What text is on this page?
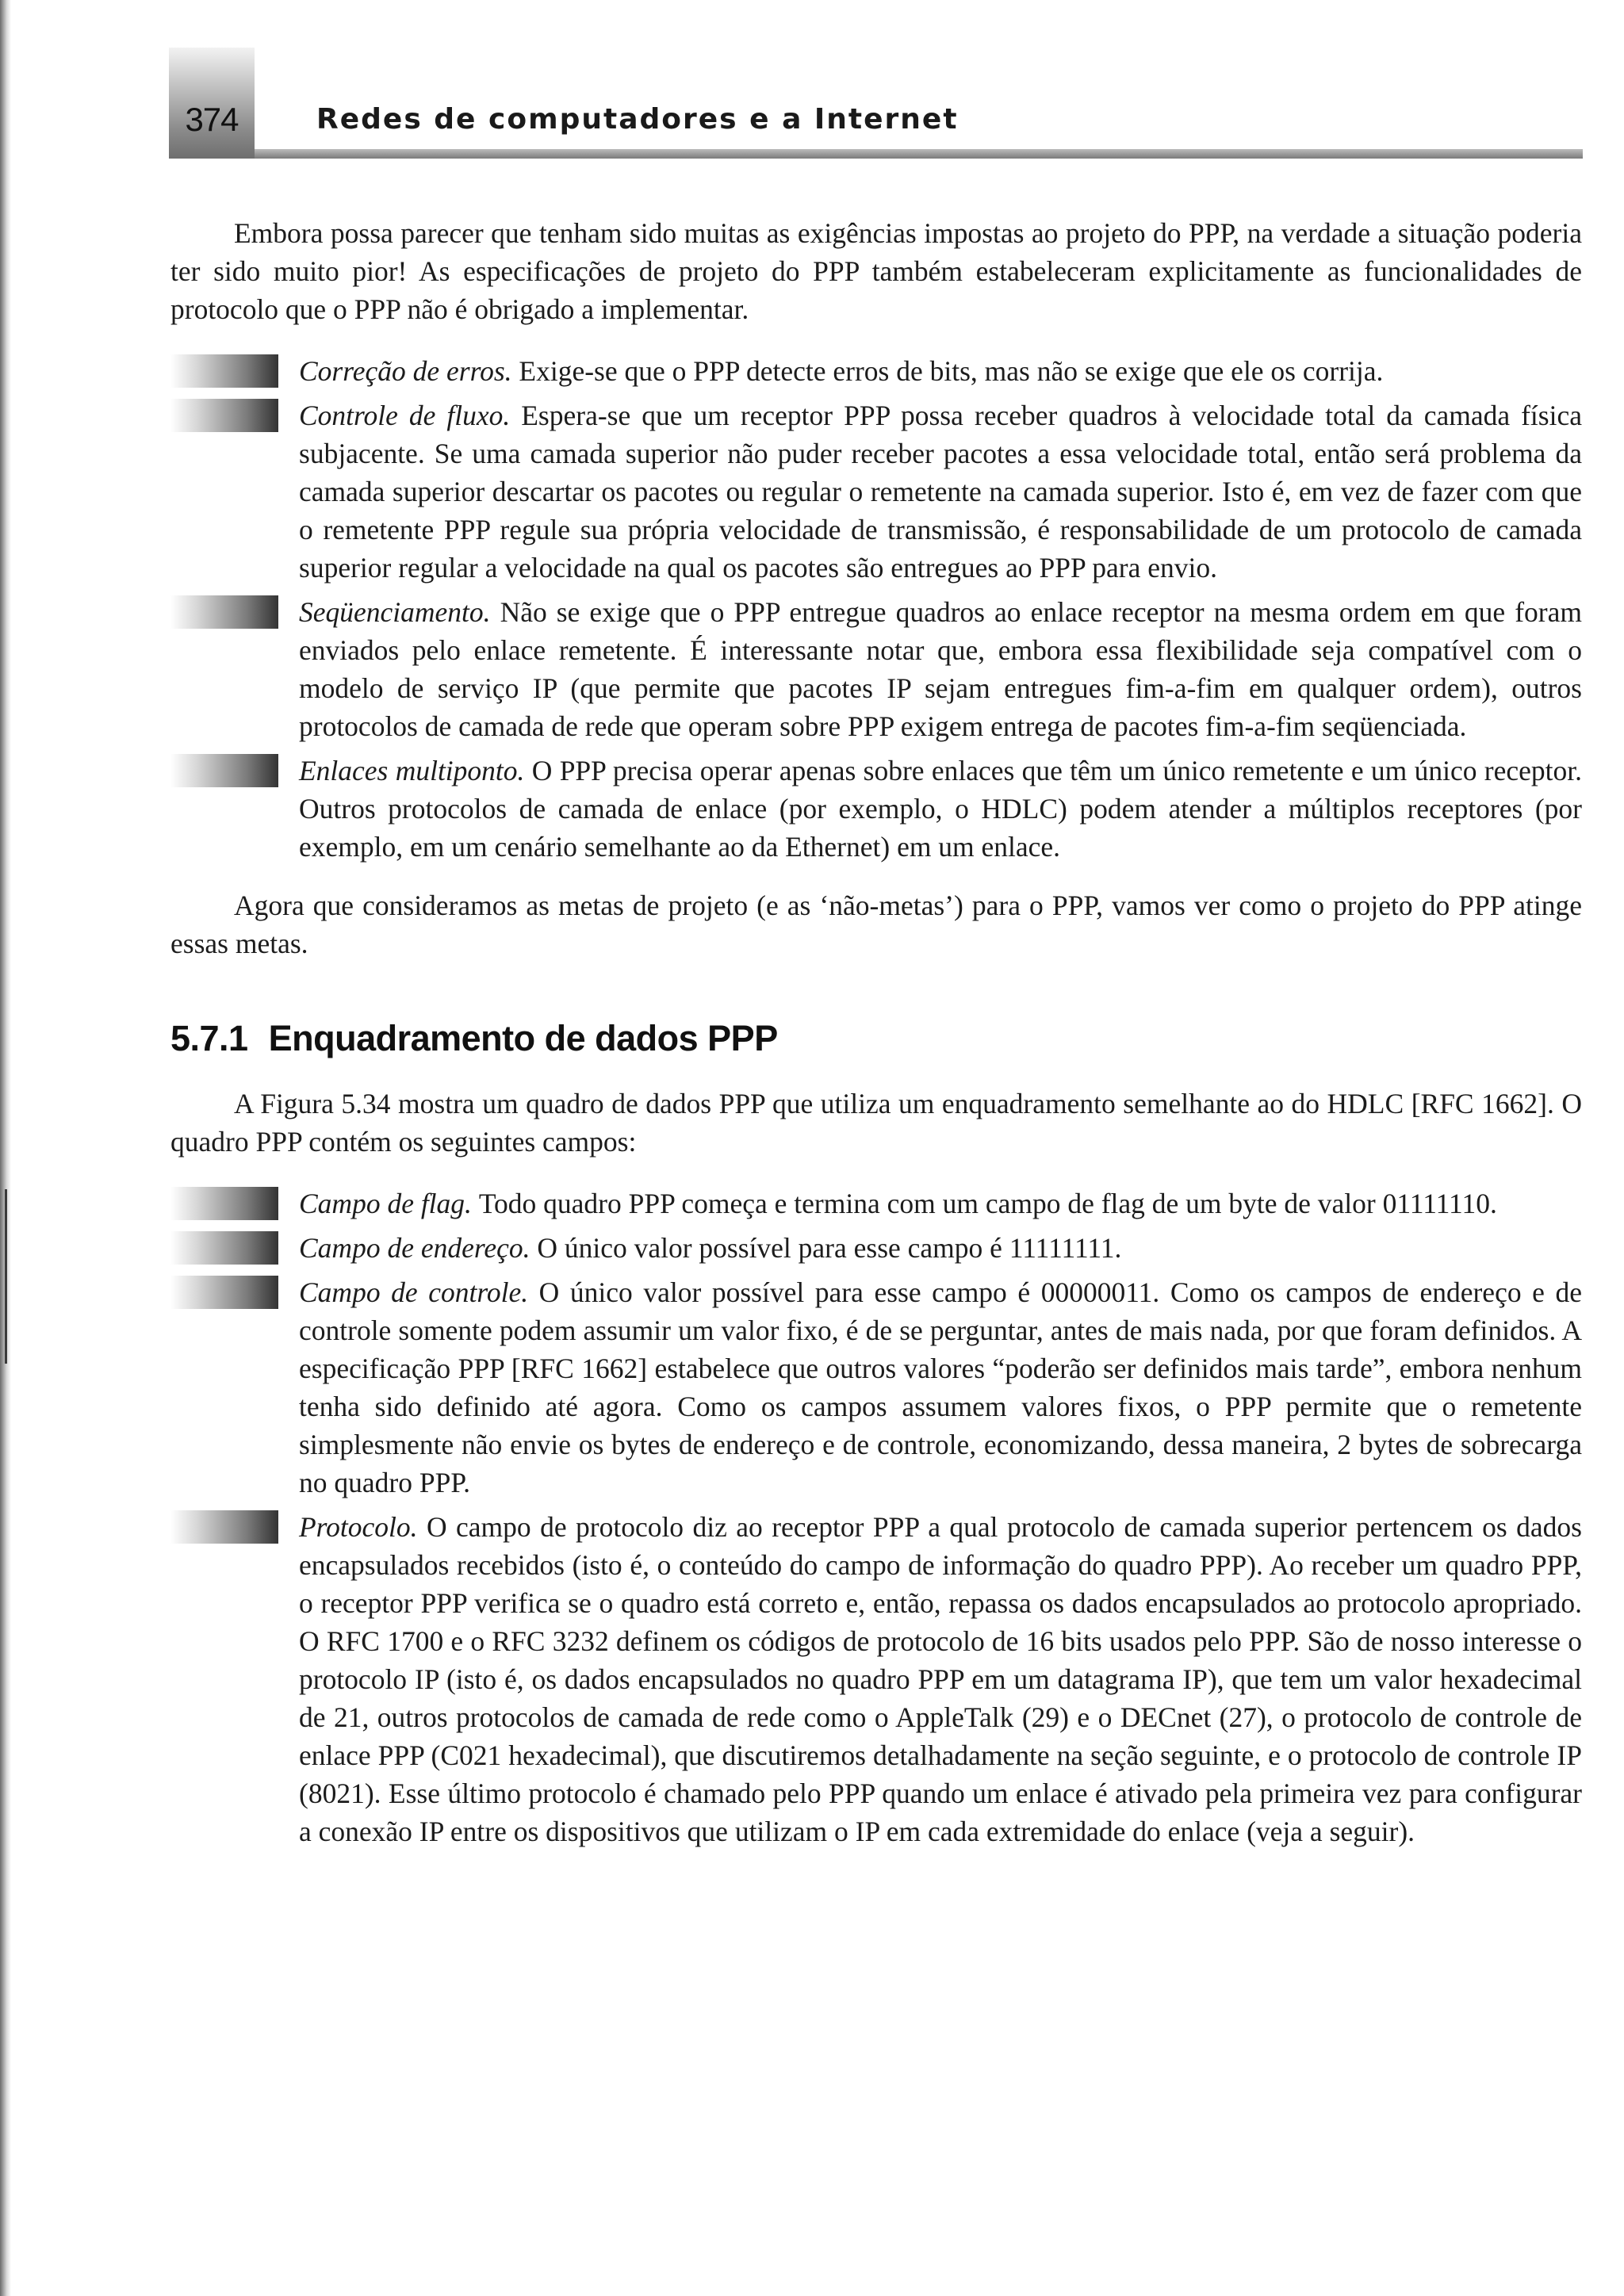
374	Redes de computadores e a Internet

Embora possa parecer que tenham sido muitas as exigências impostas ao projeto do PPP, na verdade a situação poderia ter sido muito pior! As especificações de projeto do PPP também estabeleceram explicitamente as funcionalidades de protocolo que o PPP não é obrigado a implementar.

Correção de erros. Exige-se que o PPP detecte erros de bits, mas não se exige que ele os corrija.
Controle de fluxo. Espera-se que um receptor PPP possa receber quadros à velocidade total da camada física subjacente. Se uma camada superior não puder receber pacotes a essa velocidade total, então será problema da camada superior descartar os pacotes ou regular o remetente na camada superior. Isto é, em vez de fazer com que o remetente PPP regule sua própria velocidade de transmissão, é responsabilidade de um protocolo de camada superior regular a velocidade na qual os pacotes são entregues ao PPP para envio.
Seqüenciamento. Não se exige que o PPP entregue quadros ao enlace receptor na mesma ordem em que foram enviados pelo enlace remetente. É interessante notar que, embora essa flexibilidade seja compatível com o modelo de serviço IP (que permite que pacotes IP sejam entregues fim-a-fim em qualquer ordem), outros protocolos de camada de rede que operam sobre PPP exigem entrega de pacotes fim-a-fim seqüenciada.
Enlaces multiponto. O PPP precisa operar apenas sobre enlaces que têm um único remetente e um único receptor. Outros protocolos de camada de enlace (por exemplo, o HDLC) podem atender a múltiplos receptores (por exemplo, em um cenário semelhante ao da Ethernet) em um enlace.

Agora que consideramos as metas de projeto (e as ‘não-metas’) para o PPP, vamos ver como o projeto do PPP atinge essas metas.

5.7.1 Enquadramento de dados PPP

A Figura 5.34 mostra um quadro de dados PPP que utiliza um enquadramento semelhante ao do HDLC [RFC 1662]. O quadro PPP contém os seguintes campos:

Campo de flag. Todo quadro PPP começa e termina com um campo de flag de um byte de valor 01111110.
Campo de endereço. O único valor possível para esse campo é 11111111.
Campo de controle. O único valor possível para esse campo é 00000011. Como os campos de endereço e de controle somente podem assumir um valor fixo, é de se perguntar, antes de mais nada, por que foram definidos. A especificação PPP [RFC 1662] estabelece que outros valores “poderão ser definidos mais tarde”, embora nenhum tenha sido definido até agora. Como os campos assumem valores fixos, o PPP permite que o remetente simplesmente não envie os bytes de endereço e de controle, economizando, dessa maneira, 2 bytes de sobrecarga no quadro PPP.
Protocolo. O campo de protocolo diz ao receptor PPP a qual protocolo de camada superior pertencem os dados encapsulados recebidos (isto é, o conteúdo do campo de informação do quadro PPP). Ao receber um quadro PPP, o receptor PPP verifica se o quadro está correto e, então, repassa os dados encapsulados ao protocolo apropriado. O RFC 1700 e o RFC 3232 definem os códigos de protocolo de 16 bits usados pelo PPP. São de nosso interesse o protocolo IP (isto é, os dados encapsulados no quadro PPP em um datagrama IP), que tem um valor hexadecimal de 21, outros protocolos de camada de rede como o AppleTalk (29) e o DECnet (27), o protocolo de controle de enlace PPP (C021 hexadecimal), que discutiremos detalhadamente na seção seguinte, e o protocolo de controle IP (8021). Esse último protocolo é chamado pelo PPP quando um enlace é ativado pela primeira vez para configurar a conexão IP entre os dispositivos que utilizam o IP em cada extremidade do enlace (veja a seguir).
